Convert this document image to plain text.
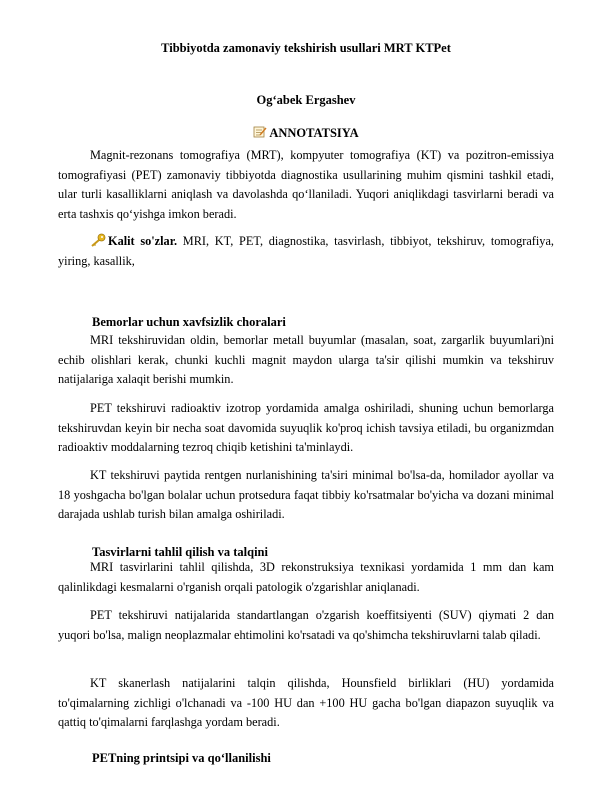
Tibbiyotda zamonaviy tekshirish usullari MRT KTPet
Og‘abek Ergashev
ANNOTATSIYA

Magnit-rezonans tomografiya (MRT), kompyuter tomografiya (KT) va pozitron-emissiya tomografiyasi (PET) zamonaviy tibbiyotda diagnostika usullarining muhim qismini tashkil etadi, ular turli kasalliklarni aniqlash va davolashda qo‘llaniladi. Yuqori aniqlikdagi tasvirlarni beradi va erta tashxis qo‘yishga imkon beradi.

Kalit so'zlar. MRI, KT, PET, diagnostika, tasvirlash, tibbiyot, tekshiruv, tomografiya, yiring, kasallik,

Bemorlar uchun xavfsizlik choralari

MRI tekshiruvidan oldin, bemorlar metall buyumlar (masalan, soat, zargarlik buyumlari)ni echib olishlari kerak, chunki kuchli magnit maydon ularga ta'sir qilishi mumkin va tekshiruv natijalariga xalaqit berishi mumkin.

PET tekshiruvi radioaktiv izotrop yordamida amalga oshiriladi, shuning uchun bemorlarga tekshiruvdan keyin bir necha soat davomida suyuqlik ko'proq ichish tavsiya etiladi, bu organizmdan radioaktiv moddalarning tezroq chiqib ketishini ta'minlaydi.

KT tekshiruvi paytida rentgen nurlanishining ta'siri minimal bo'lsa-da, homilador ayollar va 18 yoshgacha bo'lgan bolalar uchun protsedura faqat tibbiy ko'rsatmalar bo'yicha va dozani minimal darajada ushlab turish bilan amalga oshiriladi.

Tasvirlarni tahlil qilish va talqini

MRI tasvirlarini tahlil qilishda, 3D rekonstruksiya texnikasi yordamida 1 mm dan kam qalinlikdagi kesmalarni o'rganish orqali patologik o'zgarishlar aniqlanadi.

PET tekshiruvi natijalarida standartlangan o'zgarish koeffitsiyenti (SUV) qiymati 2 dan yuqori bo'lsa, malign neoplazmalar ehtimolini ko'rsatadi va qo'shimcha tekshiruvlarni talab qiladi.

KT skanerlash natijalarini talqin qilishda, Hounsfield birliklari (HU) yordamida to'qimalarning zichligi o'lchanadi va -100 HU dan +100 HU gacha bo'lgan diapazon suyuqlik va qattiq to'qimalarni farqlashga yordam beradi.

PETning printsipi va qo‘llanilishi
